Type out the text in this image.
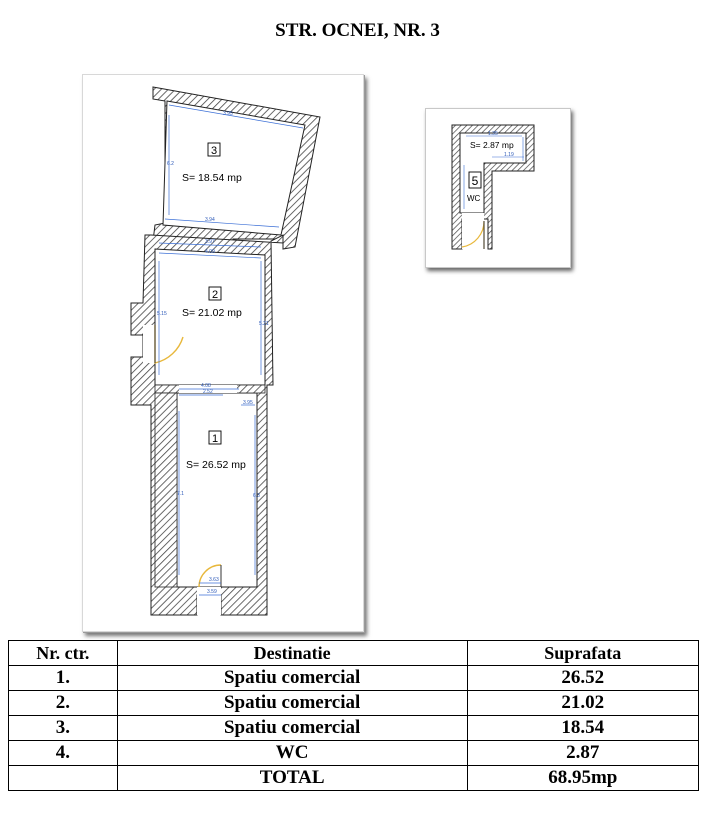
STR. OCNEI, NR. 3
3.95
3.94
3.97
4.09
4.08
2.52
3.95
3.63
3.59
6.2
5.15
5.21
7.1	6.3
3
S= 18.54 mp
2
S= 21.02 mp
1
S= 26.52 mp
1.35
1.19
S= 2.87 mp
5
WC
Nr. ctr.	Destinatie	Suprafata
1.	Spatiu comercial	26.52
2.	Spatiu comercial	21.02
3.	Spatiu comercial	18.54
4.	WC	2.87
	TOTAL	68.95mp
